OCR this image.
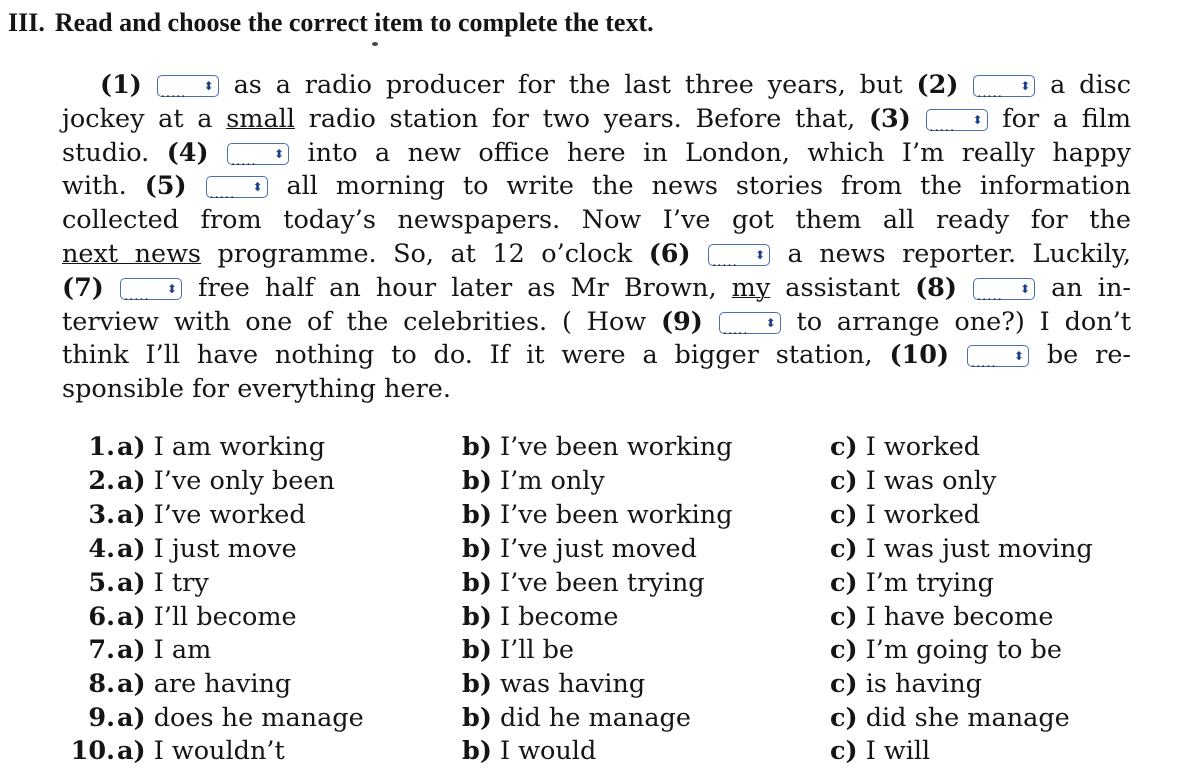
III. Read and choose the correct item to complete the text.
(1) ..... ⬍ as a radio producer for the last three years, but (2) ..... ⬍ a disc
jockey at a small radio station for two years. Before that, (3) ..... ⬍ for a film
studio. (4) ..... ⬍ into a new office here in London, which I’m really happy
with. (5) ..... ⬍ all morning to write the news stories from the information
collected from today’s newspapers. Now I’ve got them all ready for the
next news programme. So, at 12 o’clock (6) ..... ⬍ a news reporter. Luckily,
(7) ..... ⬍ free half an hour later as Mr Brown, my assistant (8) ..... ⬍ an in-
terview with one of the celebrities. ( How (9) ..... ⬍ to arrange one?) I don’t
think I’ll have nothing to do. If it were a bigger station, (10) ..... ⬍ be re-
sponsible for everything here.
1. a) I am working	b) I’ve been working	c) I worked
2. a) I’ve only been	b) I’m only	c) I was only
3. a) I’ve worked	b) I’ve been working	c) I worked
4. a) I just move	b) I’ve just moved	c) I was just moving
5. a) I try	b) I’ve been trying	c) I’m trying
6. a) I’ll become	b) I become	c) I have become
7. a) I am	b) I’ll be	c) I’m going to be
8. a) are having	b) was having	c) is having
9. a) does he manage	b) did he manage	c) did she manage
10. a) I wouldn’t	b) I would	c) I will
